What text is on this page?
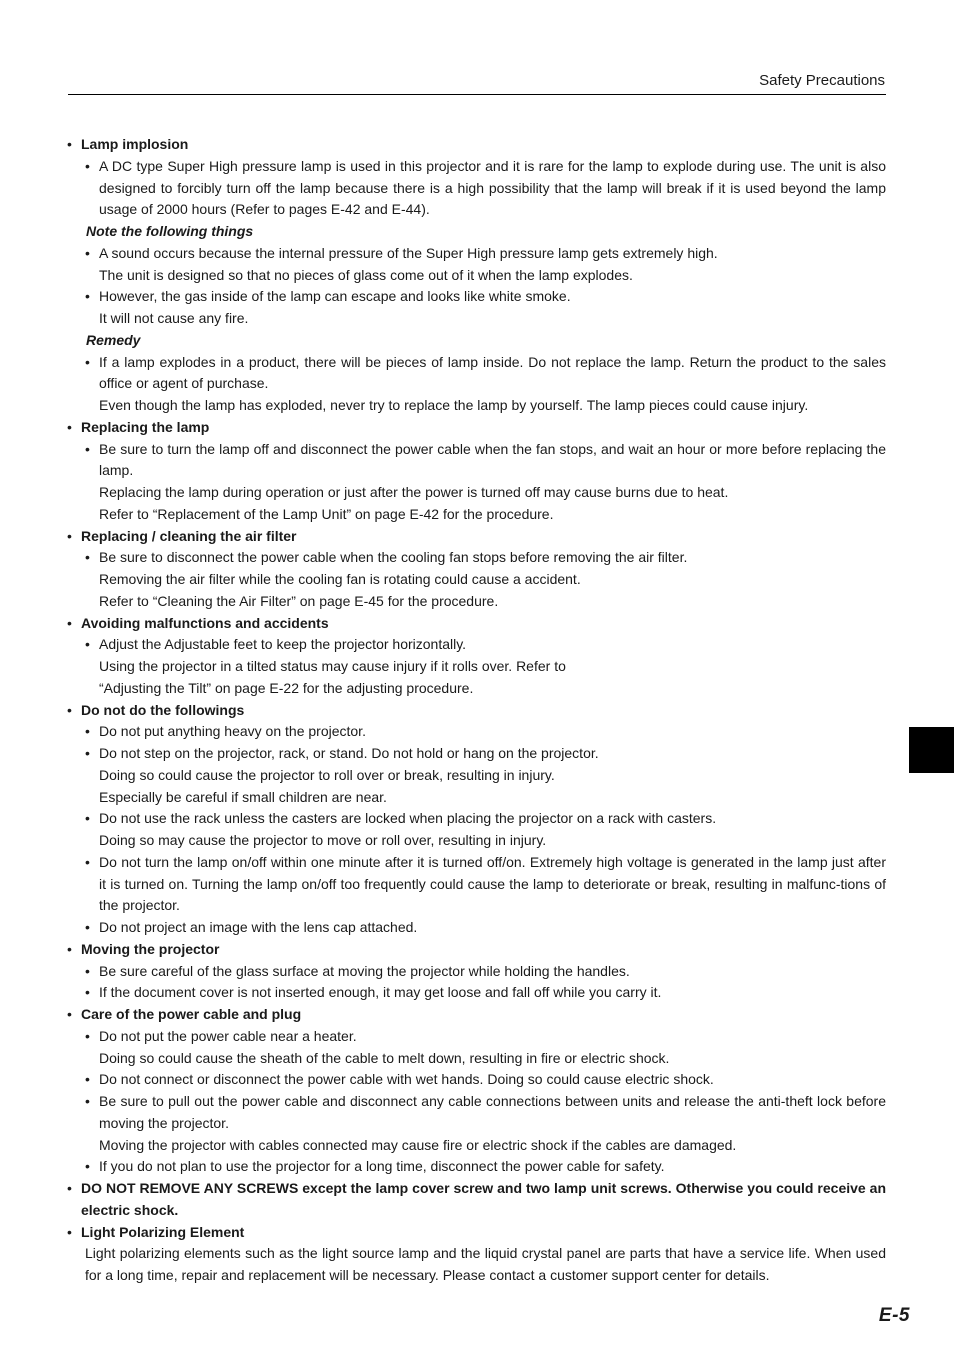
Safety Precautions
• Lamp implosion
• A DC type Super High pressure lamp is used in this projector and it is rare for the lamp to explode during use. The unit is also designed to forcibly turn off the lamp because there is a high possibility that the lamp will break if it is used beyond the lamp usage of 2000 hours (Refer to pages E-42 and E-44).
Note the following things
• A sound occurs because the internal pressure of the Super High pressure lamp gets extremely high.
The unit is designed so that no pieces of glass come out of it when the lamp explodes.
• However, the gas inside of the lamp can escape and looks like white smoke.
It will not cause any fire.
Remedy
• If a lamp explodes in a product, there will be pieces of lamp inside. Do not replace the lamp. Return the product to the sales office or agent of purchase.
Even though the lamp has exploded, never try to replace the lamp by yourself. The lamp pieces could cause injury.
• Replacing the lamp
• Be sure to turn the lamp off and disconnect the power cable when the fan stops, and wait an hour or more before replacing the lamp.
Replacing the lamp during operation or just after the power is turned off may cause burns due to heat.
Refer to “Replacement of the Lamp Unit” on page E-42 for the procedure.
• Replacing / cleaning the air filter
• Be sure to disconnect the power cable when the cooling fan stops before removing the air filter.
Removing the air filter while the cooling fan is rotating could cause a accident.
Refer to “Cleaning the Air Filter” on page E-45 for the procedure.
• Avoiding malfunctions and accidents
• Adjust the Adjustable feet to keep the projector horizontally.
Using the projector in a tilted status may cause injury if it rolls over. Refer to
“Adjusting the Tilt” on page E-22 for the adjusting procedure.
• Do not do the followings
• Do not put anything heavy on the projector.
• Do not step on the projector, rack, or stand. Do not hold or hang on the projector.
Doing so could cause the projector to roll over or break, resulting in injury.
Especially be careful if small children are near.
• Do not use the rack unless the casters are locked when placing the projector on a rack with casters.
Doing so may cause the projector to move or roll over, resulting in injury.
• Do not turn the lamp on/off within one minute after it is turned off/on. Extremely high voltage is generated in the lamp just after it is turned on. Turning the lamp on/off too frequently could cause the lamp to deteriorate or break, resulting in malfunc-tions of the projector.
• Do not project an image with the lens cap attached.
• Moving the projector
• Be sure careful of the glass surface at moving the projector while holding the handles.
• If the document cover is not inserted enough, it may get loose and fall off while you carry it.
• Care of the power cable and plug
• Do not put the power cable near a heater.
Doing so could cause the sheath of the cable to melt down, resulting in fire or electric shock.
• Do not connect or disconnect the power cable with wet hands. Doing so could cause electric shock.
• Be sure to pull out the power cable and disconnect any cable connections between units and release the anti-theft lock before moving the projector.
Moving the projector with cables connected may cause fire or electric shock if the cables are damaged.
• If you do not plan to use the projector for a long time, disconnect the power cable for safety.
• DO NOT REMOVE ANY SCREWS except the lamp cover screw and two lamp unit screws. Otherwise you could receive an electric shock.
• Light Polarizing Element
Light polarizing elements such as the light source lamp and the liquid crystal panel are parts that have a service life. When used for a long time, repair and replacement will be necessary. Please contact a customer support center for details.
E-5
